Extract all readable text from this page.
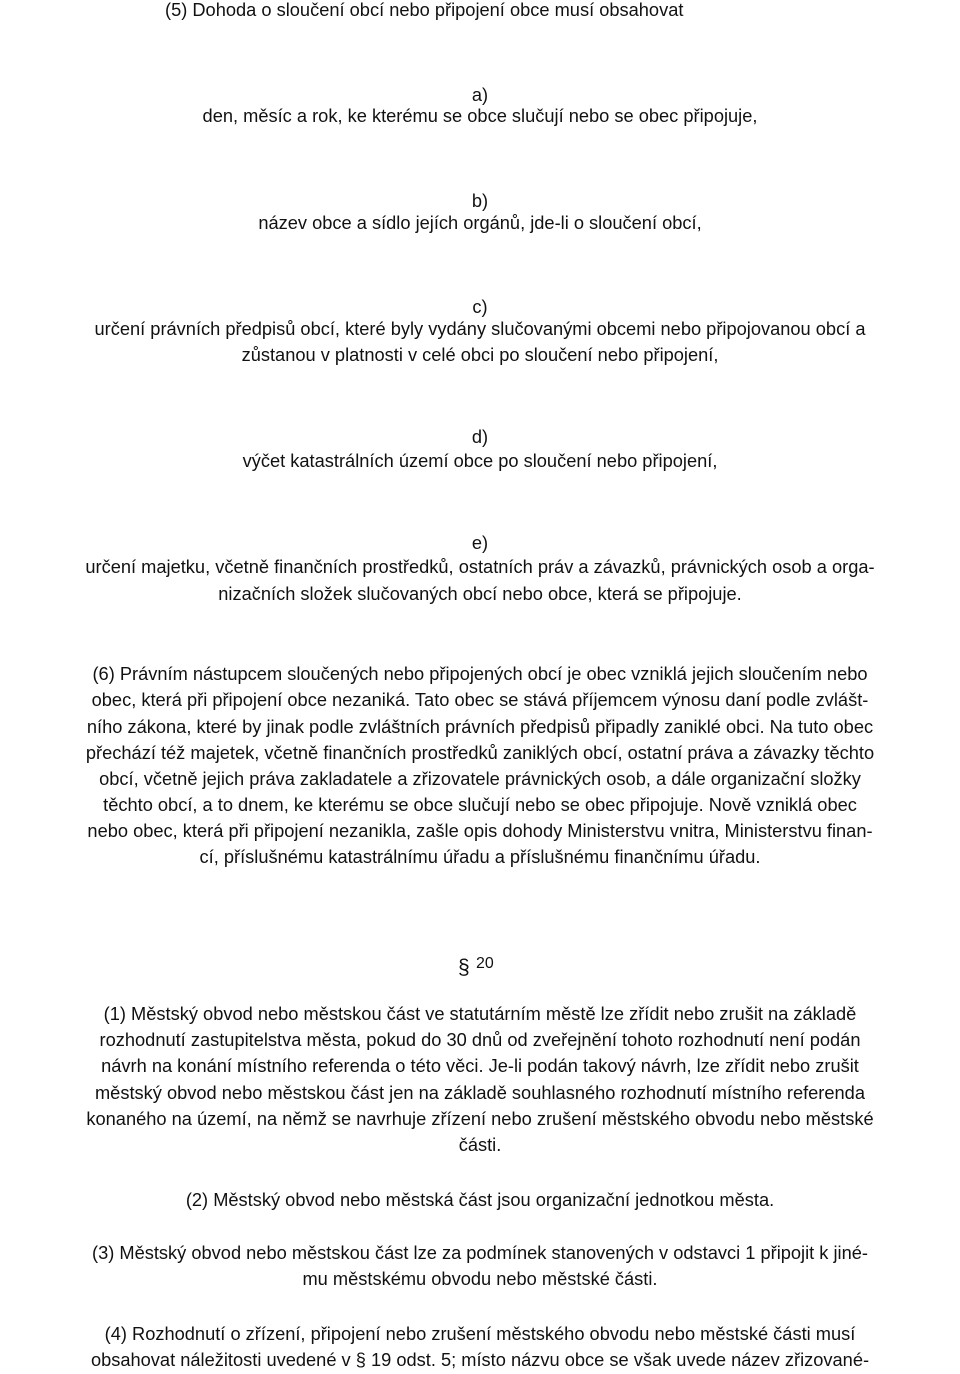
(5) Dohoda o sloučení obcí nebo připojení obce musí obsahovat
a)
den, měsíc a rok, ke kterému se obce slučují nebo se obec připojuje,
b)
název obce a sídlo jejích orgánů, jde-li o sloučení obcí,
c)
určení právních předpisů obcí, které byly vydány slučovanými obcemi nebo připojovanou obcí a
zůstanou v platnosti v celé obci po sloučení nebo připojení,
d)
výčet katastrálních území obce po sloučení nebo připojení,
e)
určení majetku, včetně finančních prostředků, ostatních práv a závazků, právnických osob a orga-
nizačních složek slučovaných obcí nebo obce, která se připojuje.
(6) Právním nástupcem sloučených nebo připojených obcí je obec vzniklá jejich sloučením nebo
obec, která při připojení obce nezaniká. Tato obec se stává příjemcem výnosu daní podle zvlášt-
ního zákona, které by jinak podle zvláštních právních předpisů připadly zaniklé obci. Na tuto obec
přechází též majetek, včetně finančních prostředků zaniklých obcí, ostatní práva a závazky těchto
obcí, včetně jejich práva zakladatele a zřizovatele právnických osob, a dále organizační složky
těchto obcí, a to dnem, ke kterému se obce slučují nebo se obec připojuje. Nově vzniklá obec
nebo obec, která při připojení nezanikla, zašle opis dohody Ministerstvu vnitra, Ministerstvu finan-
cí, příslušnému katastrálnímu úřadu a příslušnému finančnímu úřadu.
§ 20
(1) Městský obvod nebo městskou část ve statutárním městě lze zřídit nebo zrušit na základě
rozhodnutí zastupitelstva města, pokud do 30 dnů od zveřejnění tohoto rozhodnutí není podán
návrh na konání místního referenda o této věci. Je-li podán takový návrh, lze zřídit nebo zrušit
městský obvod nebo městskou část jen na základě souhlasného rozhodnutí místního referenda
konaného na území, na němž se navrhuje zřízení nebo zrušení městského obvodu nebo městské
části.
(2) Městský obvod nebo městská část jsou organizační jednotkou města.
(3) Městský obvod nebo městskou část lze za podmínek stanovených v odstavci 1 připojit k jiné-
mu městskému obvodu nebo městské části.
(4) Rozhodnutí o zřízení, připojení nebo zrušení městského obvodu nebo městské části musí
obsahovat náležitosti uvedené v § 19 odst. 5; místo názvu obce se však uvede název zřizované-
